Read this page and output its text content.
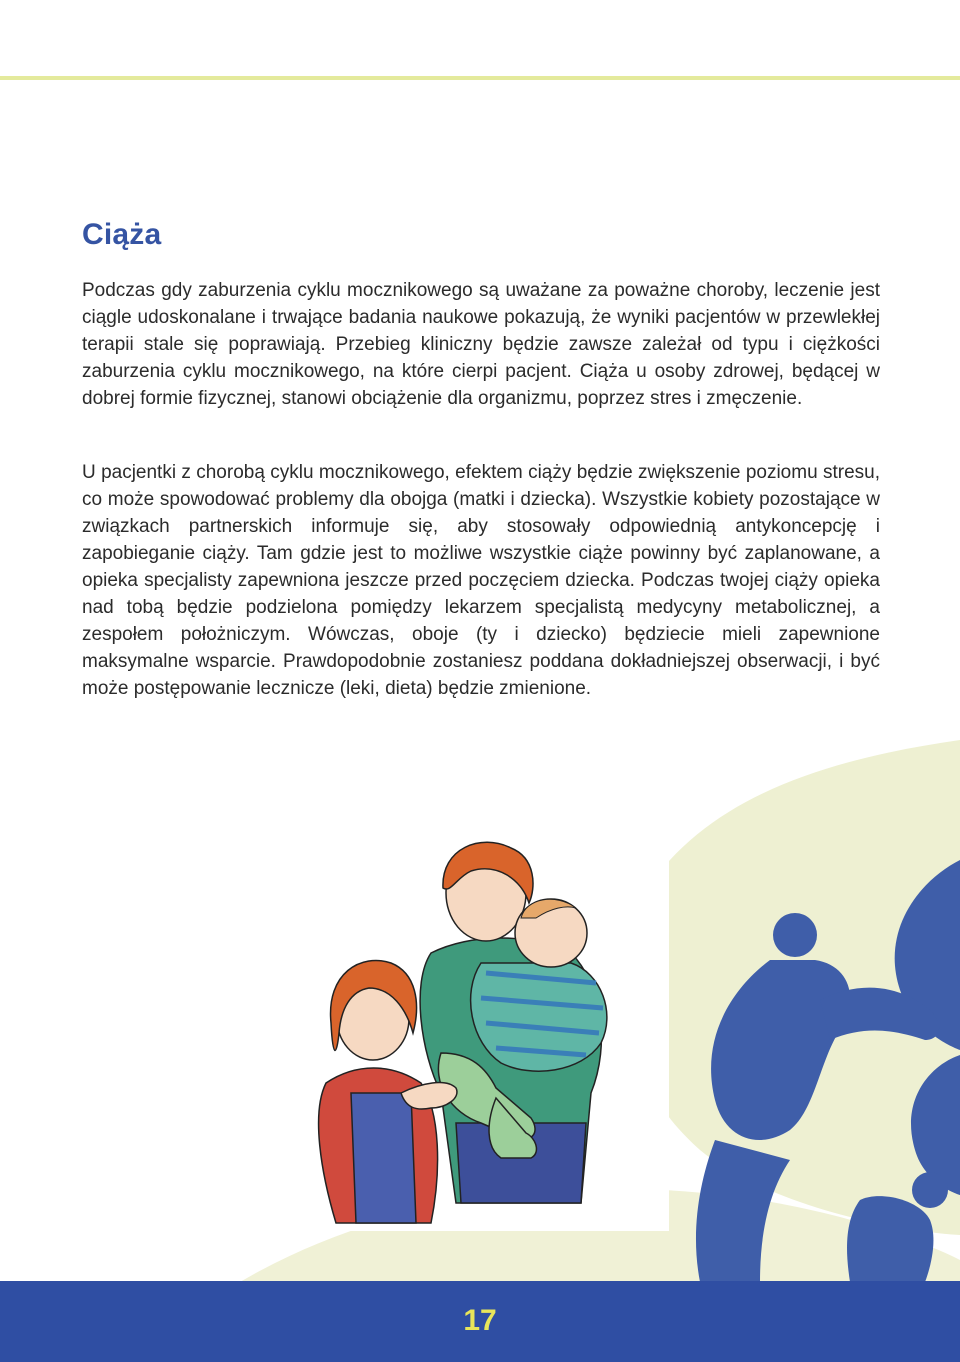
Ciąża

Podczas gdy zaburzenia cyklu mocznikowego są uważane za poważne choroby, leczenie jest ciągle udoskonalane i trwające badania naukowe pokazują, że wyniki pacjentów w przewlekłej terapii stale się poprawiają. Przebieg kliniczny będzie zawsze zależał od typu i ciężkości zaburzenia cyklu mocznikowego, na które cierpi pacjent. Ciąża u osoby zdrowej, będącej w dobrej formie fizycznej, stanowi obciążenie dla organizmu, poprzez stres i zmęczenie.

U pacjentki z chorobą cyklu mocznikowego, efektem ciąży będzie zwiększenie poziomu stresu, co może spowodować problemy dla obojga (matki i dziecka). Wszystkie kobiety pozostające w związkach partnerskich informuje się, aby stosowały odpowiednią antykoncepcję i zapobieganie ciąży. Tam gdzie jest to możliwe wszystkie ciąże powinny być zaplanowane, a opieka specjalisty zapewniona jeszcze przed poczęciem dziecka. Podczas twojej ciąży opieka nad tobą będzie podzielona pomiędzy lekarzem specjalistą medycyny metabolicznej, a zespołem położniczym. Wówczas, oboje (ty i dziecko) będziecie mieli zapewnione maksymalne wsparcie. Prawdopodobnie zostaniesz poddana dokładniejszej obserwacji, i być może postępowanie lecznicze (leki, dieta) będzie zmienione.

17
